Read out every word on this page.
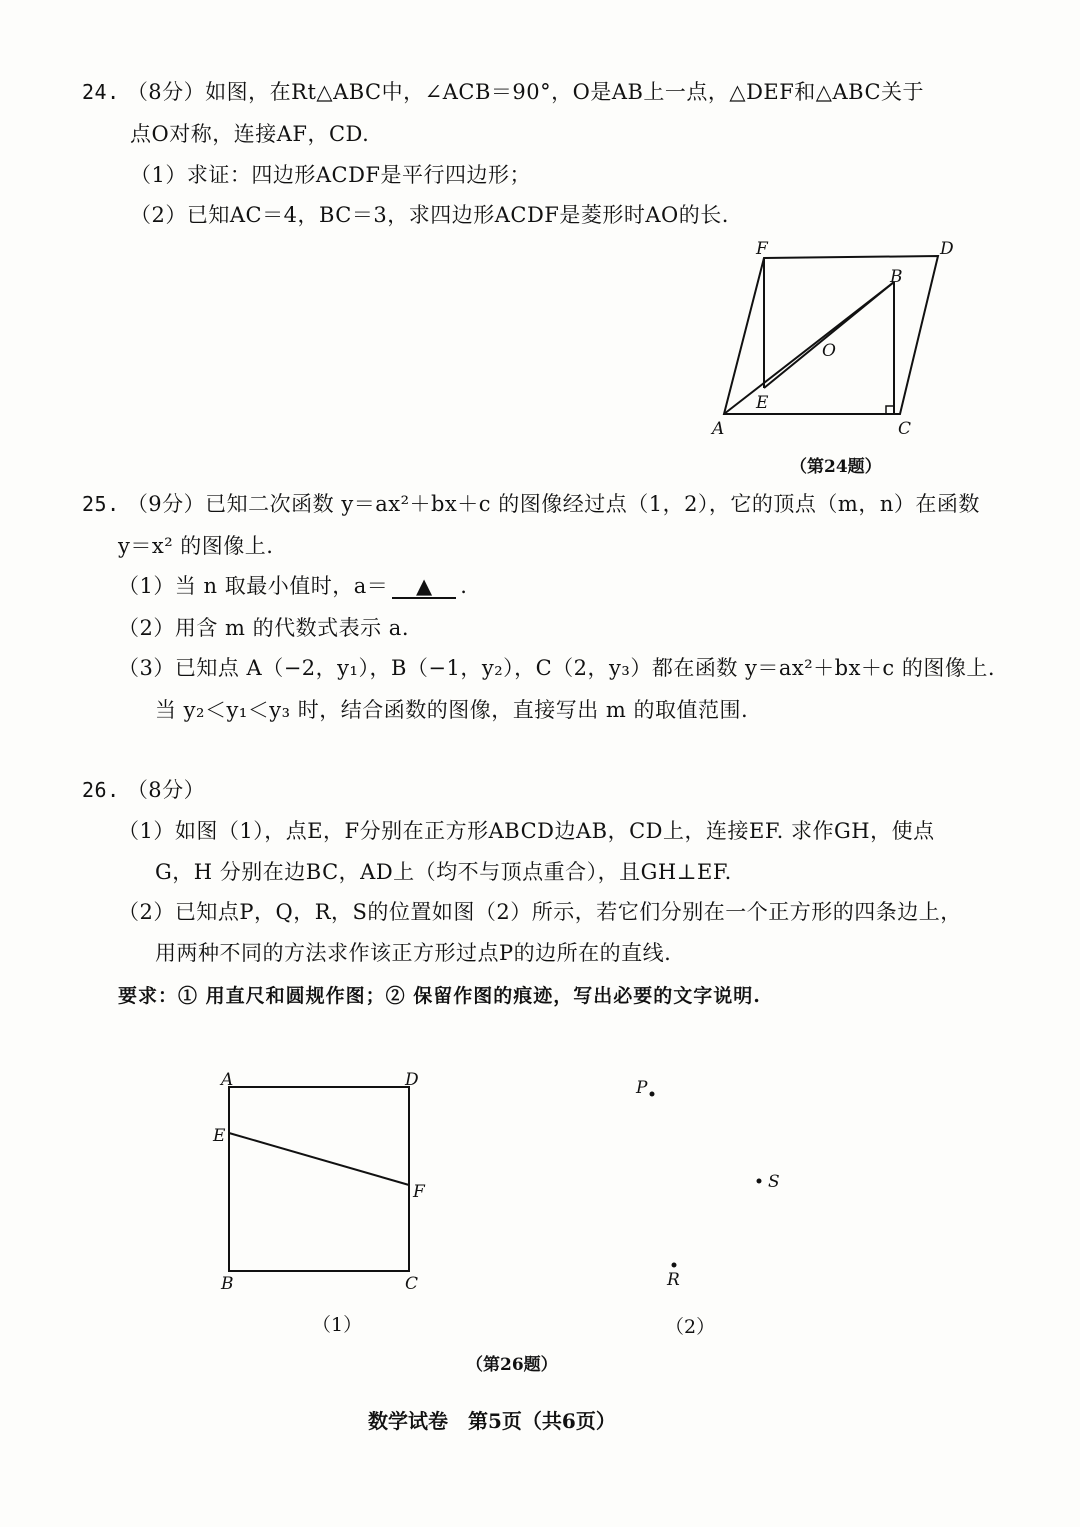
24. （8分）如图，在Rt△ABC中，∠ACB＝90°，O是AB上一点，△DEF和△ABC关于
点O对称，连接AF，CD.
（1）求证：四边形ACDF是平行四边形；
（2）已知AC＝4，BC＝3，求四边形ACDF是菱形时AO的长.
F	D
B
O
E
A	C
（第24题）
25. （9分）已知二次函数 y＝ax²＋bx＋c 的图像经过点（1，2），它的顶点（m，n）在函数
y＝x² 的图像上.
（1）当 n 取最小值时，a＝ ▲ .
（2）用含 m 的代数式表示 a.
（3）已知点 A（−2，y₁），B（−1，y₂），C（2，y₃）都在函数 y＝ax²＋bx＋c 的图像上.
当 y₂＜y₁＜y₃ 时，结合函数的图像，直接写出 m 的取值范围.
26. （8分）
（1）如图（1），点E，F分别在正方形ABCD边AB，CD上，连接EF. 求作GH，使点
G，H 分别在边BC，AD上（均不与顶点重合），且GH⊥EF.
（2）已知点P，Q，R，S的位置如图（2）所示，若它们分别在一个正方形的四条边上，
用两种不同的方法求作该正方形过点P的边所在的直线.
要求：① 用直尺和圆规作图；② 保留作图的痕迹，写出必要的文字说明.
A	D
E
F
B	C
（1）
P
S
R
（2）
（第26题）
数学试卷　第5页（共6页）
